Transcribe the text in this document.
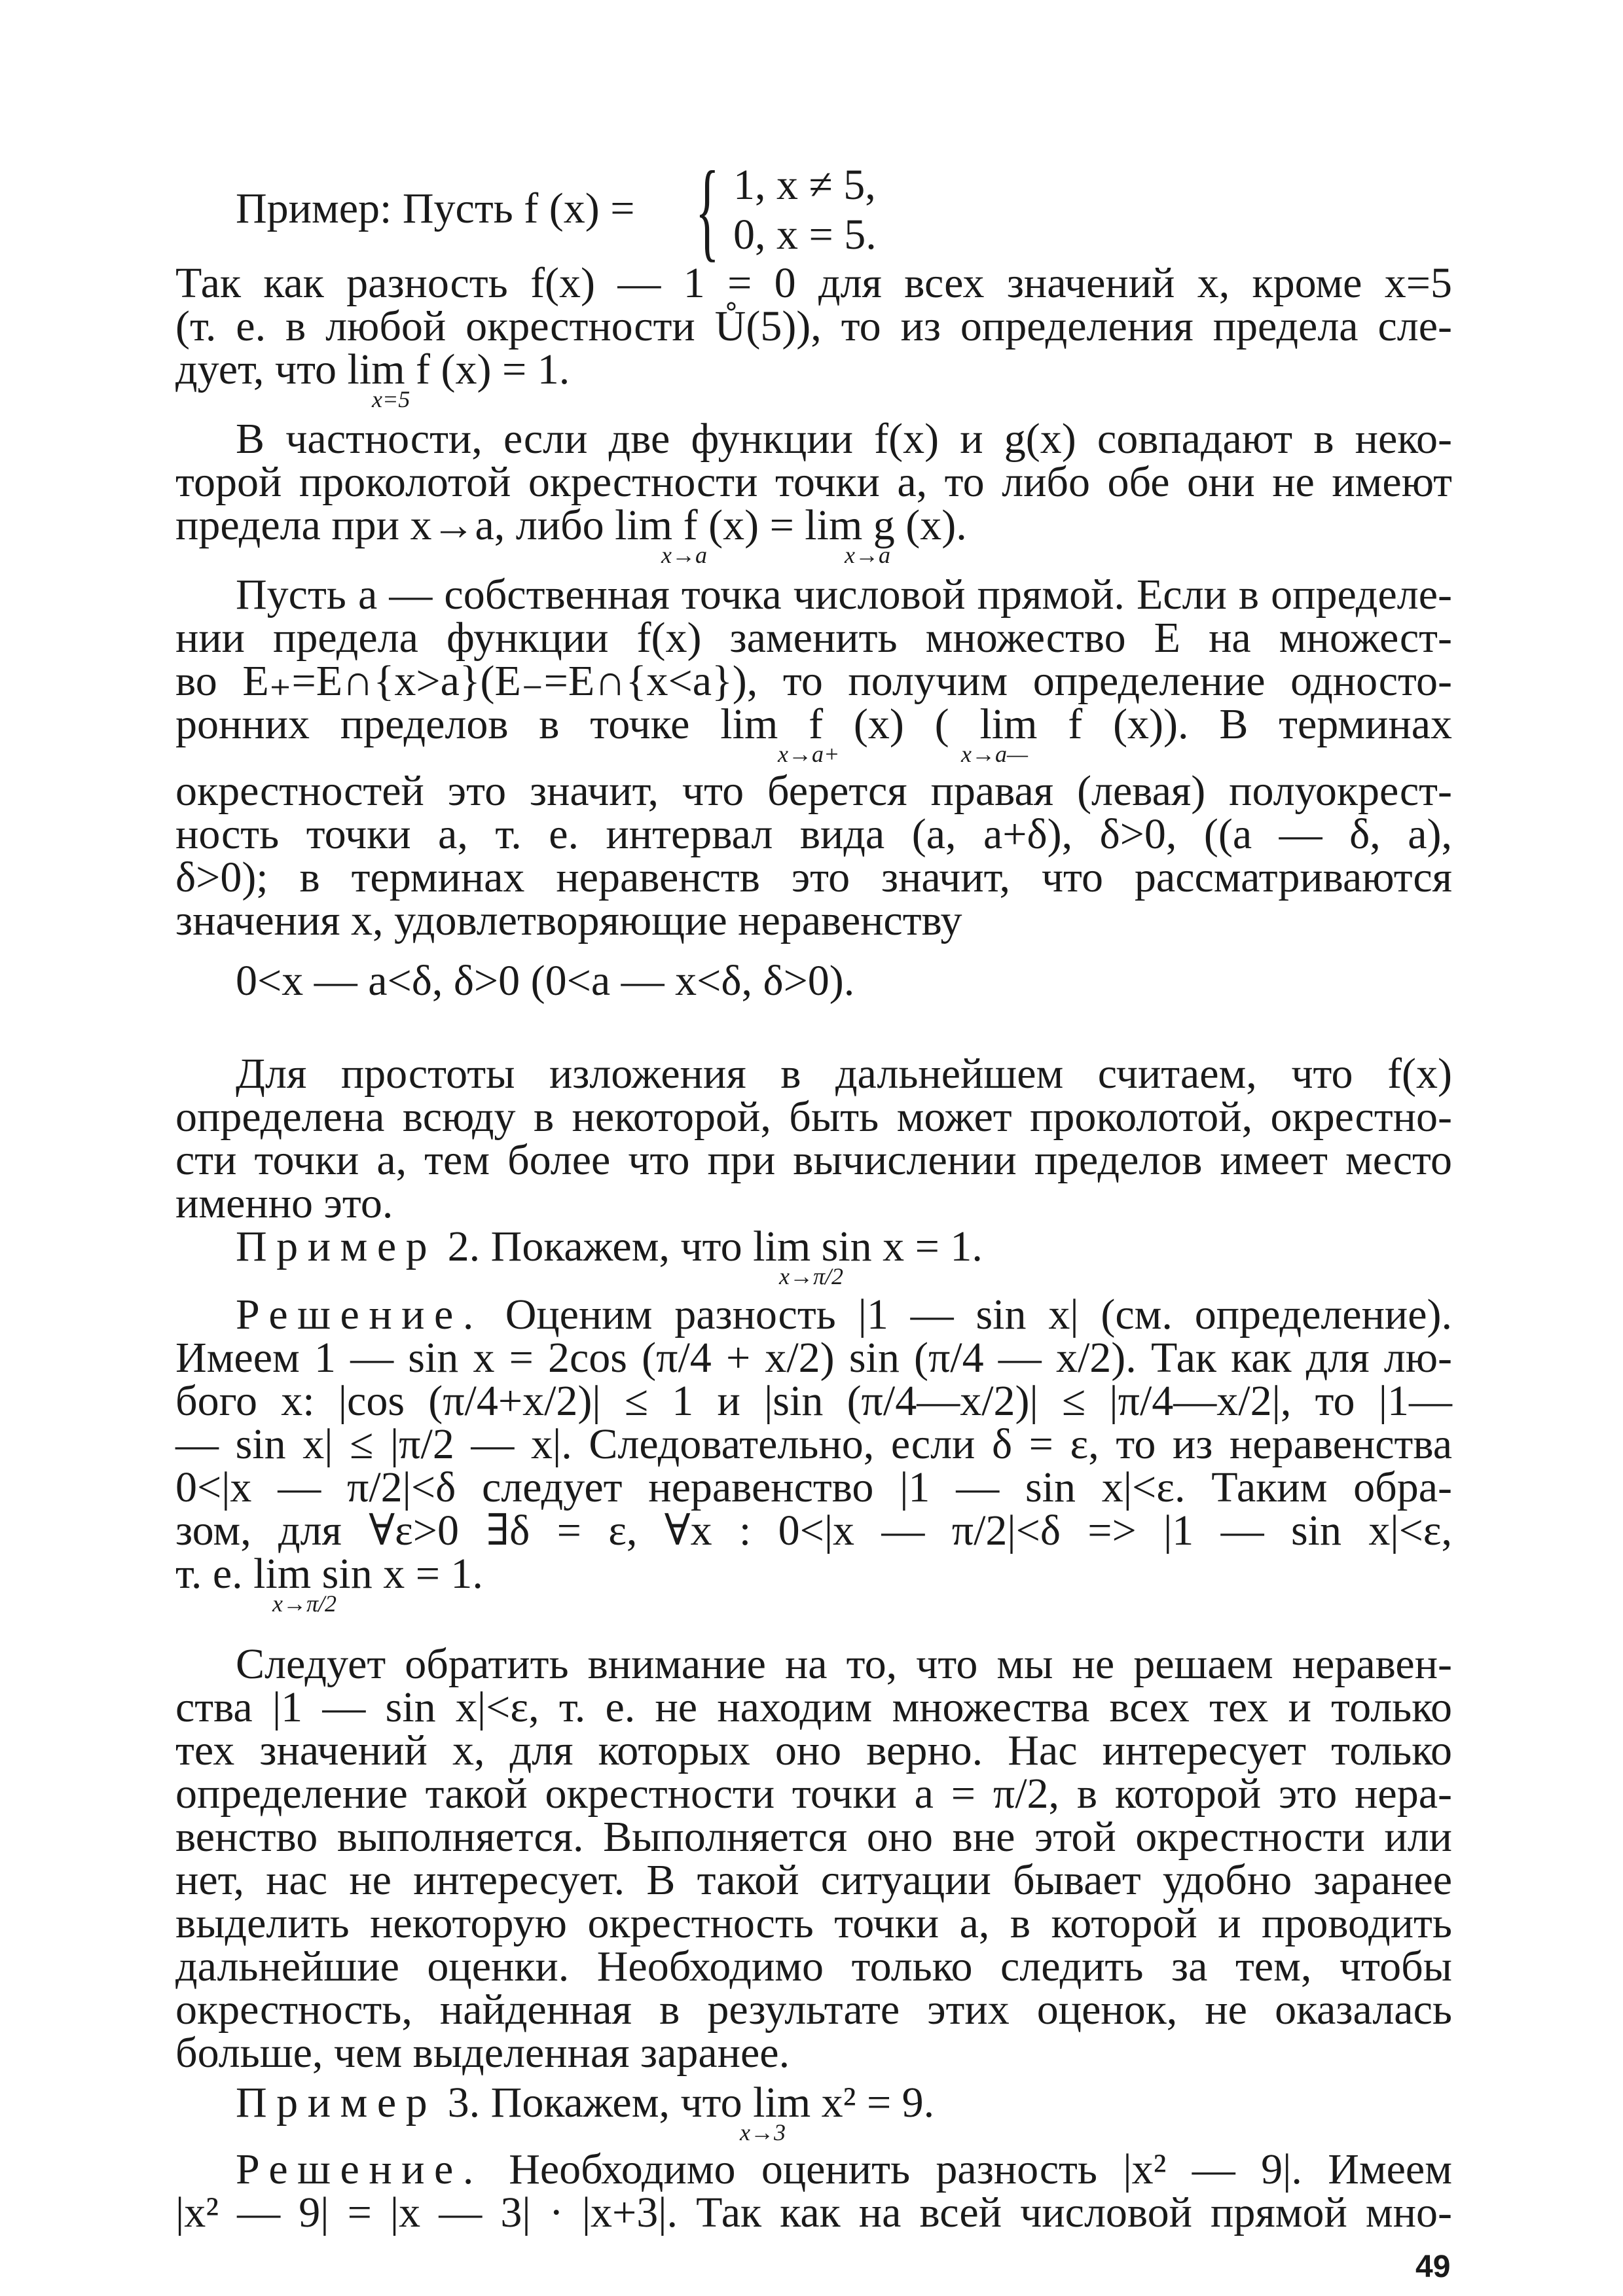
Пример: Пусть f (x) = { 1, x ≠ 5,
0, x = 5.
Так как разность f(x) — 1 = 0 для всех значений x, кроме x=5
(т. е. в любой окрестности Ů(5)), то из определения предела сле-
дует, что lim f (x) = 1.
x=5
В частности, если две функции f(x) и g(x) совпадают в неко-
торой проколотой окрестности точки a, то либо обе они не имеют
предела при x→a, либо lim f (x) = lim g (x).
x→a	x→a
Пусть a — собственная точка числовой прямой. Если в определе-
нии предела функции f(x) заменить множество E на множест-
во E₊=E∩{x>a}(E₋=E∩{x<a}), то получим определение односто-
ронних пределов в точке lim f (x) ( lim f (x)). В терминах
x→a+	x→a—
окрестностей это значит, что берется правая (левая) полуокрест-
ность точки a, т. е. интервал вида (a, a+δ), δ>0, ((a — δ, a),
δ>0); в терминах неравенств это значит, что рассматриваются
значения x, удовлетворяющие неравенству
0<x — a<δ, δ>0 (0<a — x<δ, δ>0).
Для простоты изложения в дальнейшем считаем, что f(x)
определена всюду в некоторой, быть может проколотой, окрестно-
сти точки a, тем более что при вычислении пределов имеет место
именно это.
Пример 2. Покажем, что lim sin x = 1.
x→π/2
Решение. Оценим разность |1 — sin x| (см. определение).
Имеем 1 — sin x = 2cos (π/4 + x/2) sin (π/4 — x/2). Так как для лю-
бого x: |cos (π/4+x/2)| ≤ 1 и |sin (π/4—x/2)| ≤ |π/4—x/2|, то |1—
— sin x| ≤ |π/2 — x|. Следовательно, если δ = ε, то из неравенства
0<|x — π/2|<δ следует неравенство |1 — sin x|<ε. Таким обра-
зом, для ∀ε>0 ∃δ = ε, ∀x : 0<|x — π/2|<δ => |1 — sin x|<ε,
т. е. lim sin x = 1.
x→π/2
Следует обратить внимание на то, что мы не решаем неравен-
ства |1 — sin x|<ε, т. е. не находим множества всех тех и только
тех значений x, для которых оно верно. Нас интересует только
определение такой окрестности точки a = π/2, в которой это нера-
венство выполняется. Выполняется оно вне этой окрестности или
нет, нас не интересует. В такой ситуации бывает удобно заранее
выделить некоторую окрестность точки a, в которой и проводить
дальнейшие оценки. Необходимо только следить за тем, чтобы
окрестность, найденная в результате этих оценок, не оказалась
больше, чем выделенная заранее.
Пример 3. Покажем, что lim x² = 9.
x→3
Решение. Необходимо оценить разность |x² — 9|. Имеем
|x² — 9| = |x — 3| · |x+3|. Так как на всей числовой прямой мно-
49
